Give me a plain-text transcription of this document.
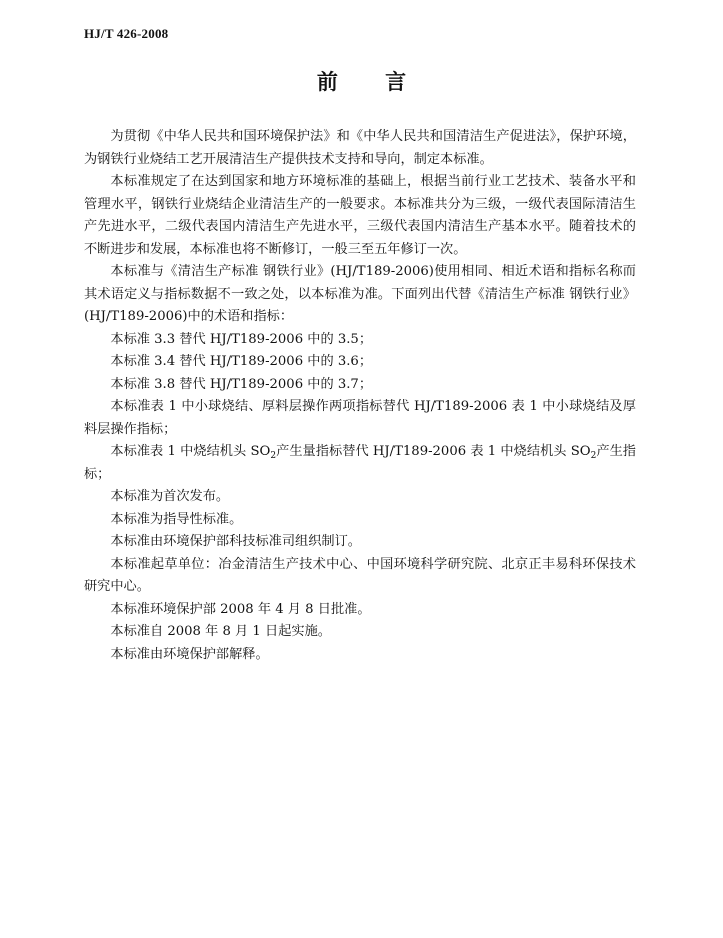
HJ/T 426-2008
前 言

为贯彻《中华人民共和国环境保护法》和《中华人民共和国清洁生产促进法》，保护环境，为钢铁行业烧结工艺开展清洁生产提供技术支持和导向，制定本标准。

本标准规定了在达到国家和地方环境标准的基础上，根据当前行业工艺技术、装备水平和管理水平，钢铁行业烧结企业清洁生产的一般要求。本标准共分为三级，一级代表国际清洁生产先进水平，二级代表国内清洁生产先进水平，三级代表国内清洁生产基本水平。随着技术的不断进步和发展，本标准也将不断修订，一般三至五年修订一次。

本标准与《清洁生产标准 钢铁行业》(HJ/T189-2006)使用相同、相近术语和指标名称而其术语定义与指标数据不一致之处，以本标准为准。下面列出代替《清洁生产标准 钢铁行业》(HJ/T189-2006)中的术语和指标：

本标准 3.3 替代 HJ/T189-2006 中的 3.5；

本标准 3.4 替代 HJ/T189-2006 中的 3.6；

本标准 3.8 替代 HJ/T189-2006 中的 3.7；

本标准表 1 中小球烧结、厚料层操作两项指标替代 HJ/T189-2006 表 1 中小球烧结及厚料层操作指标；

本标准表 1 中烧结机头 $SO_2$产生量指标替代 HJ/T189-2006 表 1 中烧结机头 $SO_2$产生指标；

本标准为首次发布。

本标准为指导性标准。

本标准由环境保护部科技标准司组织制订。

本标准起草单位：冶金清洁生产技术中心、中国环境科学研究院、北京正丰易科环保技术研究中心。

本标准环境保护部 2008 年 4 月 8 日批准。

本标准自 2008 年 8 月 1 日起实施。

本标准由环境保护部解释。
